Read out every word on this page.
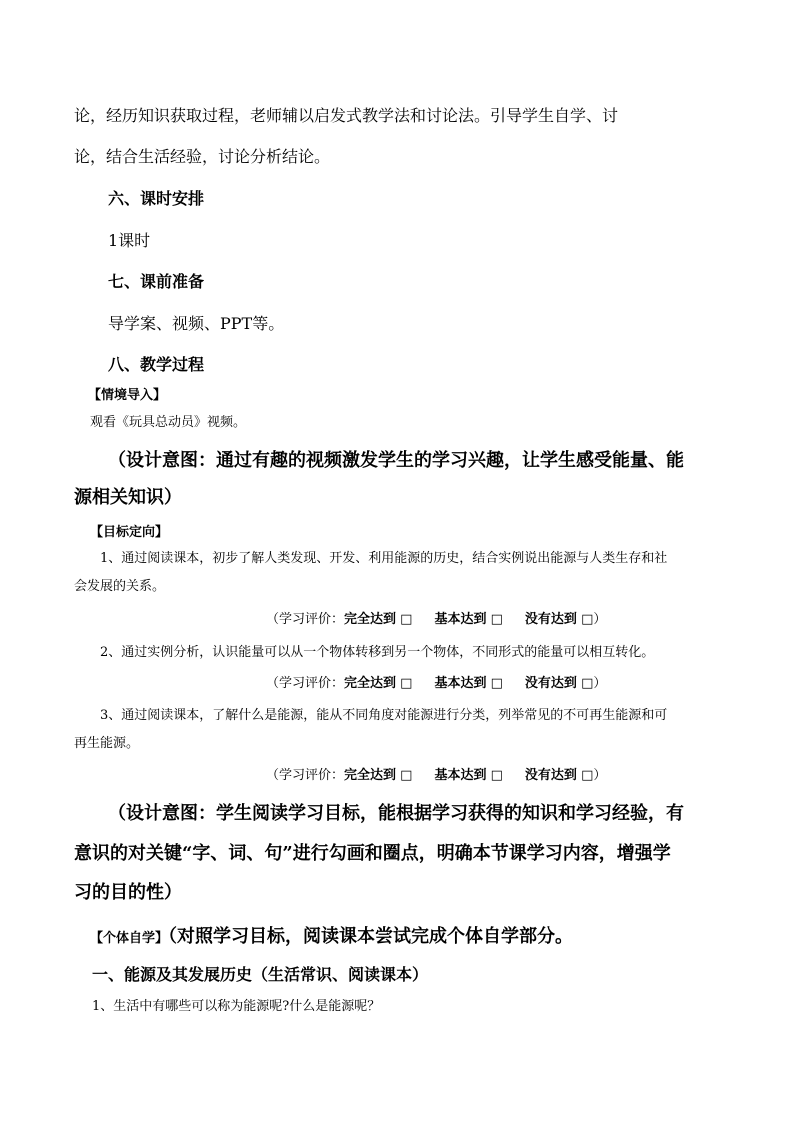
论，经历知识获取过程，老师辅以启发式教学法和讨论法。引导学生自学、讨
论，结合生活经验，讨论分析结论。
六、课时安排
1课时
七、课前准备
导学案、视频、PPT等。
八、教学过程
【情境导入】
观看《玩具总动员》视频。
（设计意图：通过有趣的视频激发学生的学习兴趣，让学生感受能量、能
源相关知识）
【目标定向】
1、通过阅读课本，初步了解人类发现、开发、利用能源的历史，结合实例说出能源与人类生存和社
会发展的关系。
（学习评价：完全达到 □ 基本达到 □ 没有达到 □）
2、通过实例分析，认识能量可以从一个物体转移到另一个物体，不同形式的能量可以相互转化。
（学习评价：完全达到 □ 基本达到 □ 没有达到 □）
3、通过阅读课本，了解什么是能源，能从不同角度对能源进行分类，列举常见的不可再生能源和可
再生能源。
（学习评价：完全达到 □ 基本达到 □ 没有达到 □）
（设计意图：学生阅读学习目标，能根据学习获得的知识和学习经验，有
意识的对关键“字、词、句”进行勾画和圈点，明确本节课学习内容，增强学
习的目的性）
【个体自学】（对照学习目标，阅读课本尝试完成个体自学部分。
一、能源及其发展历史（生活常识、阅读课本）
1、生活中有哪些可以称为能源呢?什么是能源呢？
